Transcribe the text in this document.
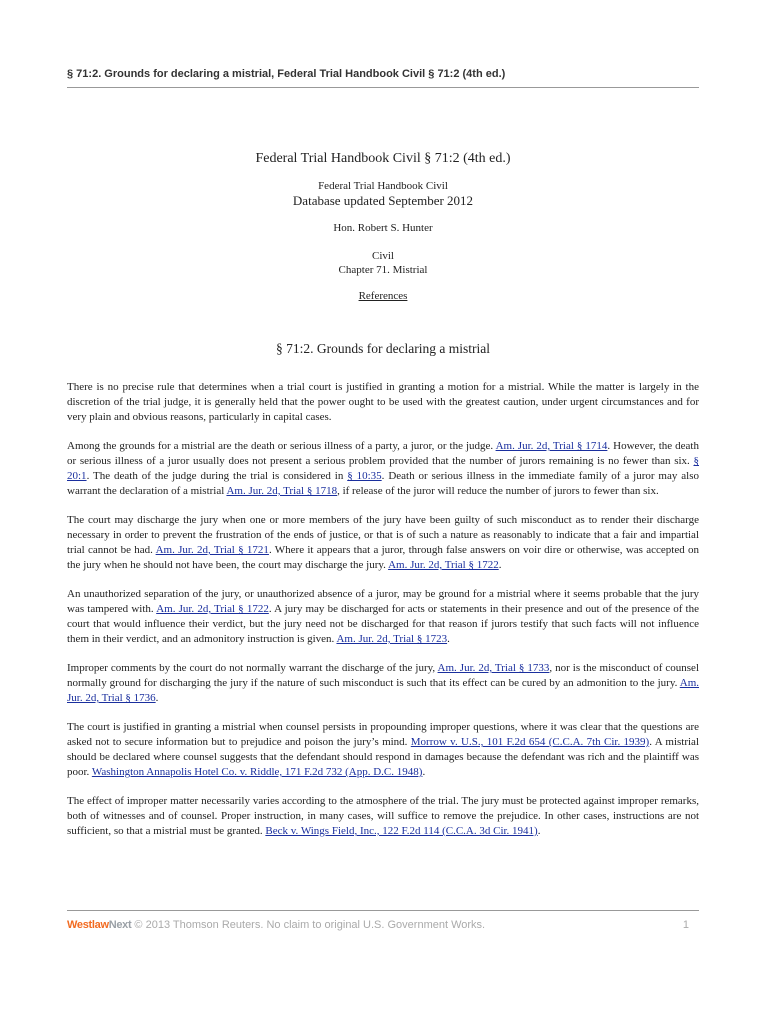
§ 71:2. Grounds for declaring a mistrial, Federal Trial Handbook Civil § 71:2 (4th ed.)
Federal Trial Handbook Civil § 71:2 (4th ed.)
Federal Trial Handbook Civil
Database updated September 2012
Hon. Robert S. Hunter
Civil
Chapter 71. Mistrial
References
§ 71:2. Grounds for declaring a mistrial

There is no precise rule that determines when a trial court is justified in granting a motion for a mistrial. While the matter is largely in the discretion of the trial judge, it is generally held that the power ought to be used with the greatest caution, under urgent circumstances and for very plain and obvious reasons, particularly in capital cases.

Among the grounds for a mistrial are the death or serious illness of a party, a juror, or the judge. Am. Jur. 2d, Trial § 1714. However, the death or serious illness of a juror usually does not present a serious problem provided that the number of jurors remaining is no fewer than six. § 20:1. The death of the judge during the trial is considered in § 10:35. Death or serious illness in the immediate family of a juror may also warrant the declaration of a mistrial Am. Jur. 2d, Trial § 1718, if release of the juror will reduce the number of jurors to fewer than six.

The court may discharge the jury when one or more members of the jury have been guilty of such misconduct as to render their discharge necessary in order to prevent the frustration of the ends of justice, or that is of such a nature as reasonably to indicate that a fair and impartial trial cannot be had. Am. Jur. 2d, Trial § 1721. Where it appears that a juror, through false answers on voir dire or otherwise, was accepted on the jury when he should not have been, the court may discharge the jury. Am. Jur. 2d, Trial § 1722.

An unauthorized separation of the jury, or unauthorized absence of a juror, may be ground for a mistrial where it seems probable that the jury was tampered with. Am. Jur. 2d, Trial § 1722. A jury may be discharged for acts or statements in their presence and out of the presence of the court that would influence their verdict, but the jury need not be discharged for that reason if jurors testify that such facts will not influence them in their verdict, and an admonitory instruction is given. Am. Jur. 2d, Trial § 1723.

Improper comments by the court do not normally warrant the discharge of the jury, Am. Jur. 2d, Trial § 1733, nor is the misconduct of counsel normally ground for discharging the jury if the nature of such misconduct is such that its effect can be cured by an admonition to the jury. Am. Jur. 2d, Trial § 1736.

The court is justified in granting a mistrial when counsel persists in propounding improper questions, where it was clear that the questions are asked not to secure information but to prejudice and poison the jury’s mind. Morrow v. U.S., 101 F.2d 654 (C.C.A. 7th Cir. 1939). A mistrial should be declared where counsel suggests that the defendant should respond in damages because the defendant was rich and the plaintiff was poor. Washington Annapolis Hotel Co. v. Riddle, 171 F.2d 732 (App. D.C. 1948).

The effect of improper matter necessarily varies according to the atmosphere of the trial. The jury must be protected against improper remarks, both of witnesses and of counsel. Proper instruction, in many cases, will suffice to remove the prejudice. In other cases, instructions are not sufficient, so that a mistrial must be granted. Beck v. Wings Field, Inc., 122 F.2d 114 (C.C.A. 3d Cir. 1941).

WestlawNext © 2013 Thomson Reuters. No claim to original U.S. Government Works.	1
